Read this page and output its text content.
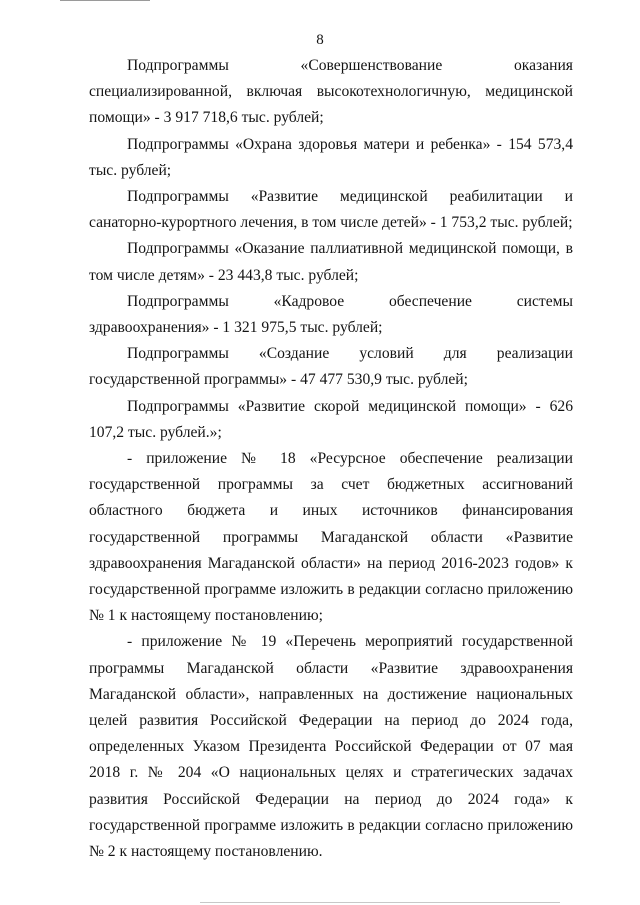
8

Подпрограммы «Совершенствование оказания специализированной, включая высокотехнологичную, медицинской помощи» - 3 917 718,6 тыс. рублей;

Подпрограммы «Охрана здоровья матери и ребенка» - 154 573,4 тыс. рублей;

Подпрограммы «Развитие медицинской реабилитации и санаторно-курортного лечения, в том числе детей» - 1 753,2 тыс. рублей;

Подпрограммы «Оказание паллиативной медицинской помощи, в том числе детям» - 23 443,8 тыс. рублей;

Подпрограммы «Кадровое обеспечение системы здравоохранения» - 1 321 975,5 тыс. рублей;

Подпрограммы «Создание условий для реализации государственной программы» - 47 477 530,9 тыс. рублей;

Подпрограммы «Развитие скорой медицинской помощи» - 626 107,2 тыс. рублей.»;

- приложение № 18 «Ресурсное обеспечение реализации государственной программы за счет бюджетных ассигнований областного бюджета и иных источников финансирования государственной программы Магаданской области «Развитие здравоохранения Магаданской области» на период 2016-2023 годов» к государственной программе изложить в редакции согласно приложению № 1 к настоящему постановлению;

- приложение № 19 «Перечень мероприятий государственной программы Магаданской области «Развитие здравоохранения Магаданской области», направленных на достижение национальных целей развития Российской Федерации на период до 2024 года, определенных Указом Президента Российской Федерации от 07 мая 2018 г. № 204 «О национальных целях и стратегических задачах развития Российской Федерации на период до 2024 года» к государственной программе изложить в редакции согласно приложению № 2 к настоящему постановлению.
